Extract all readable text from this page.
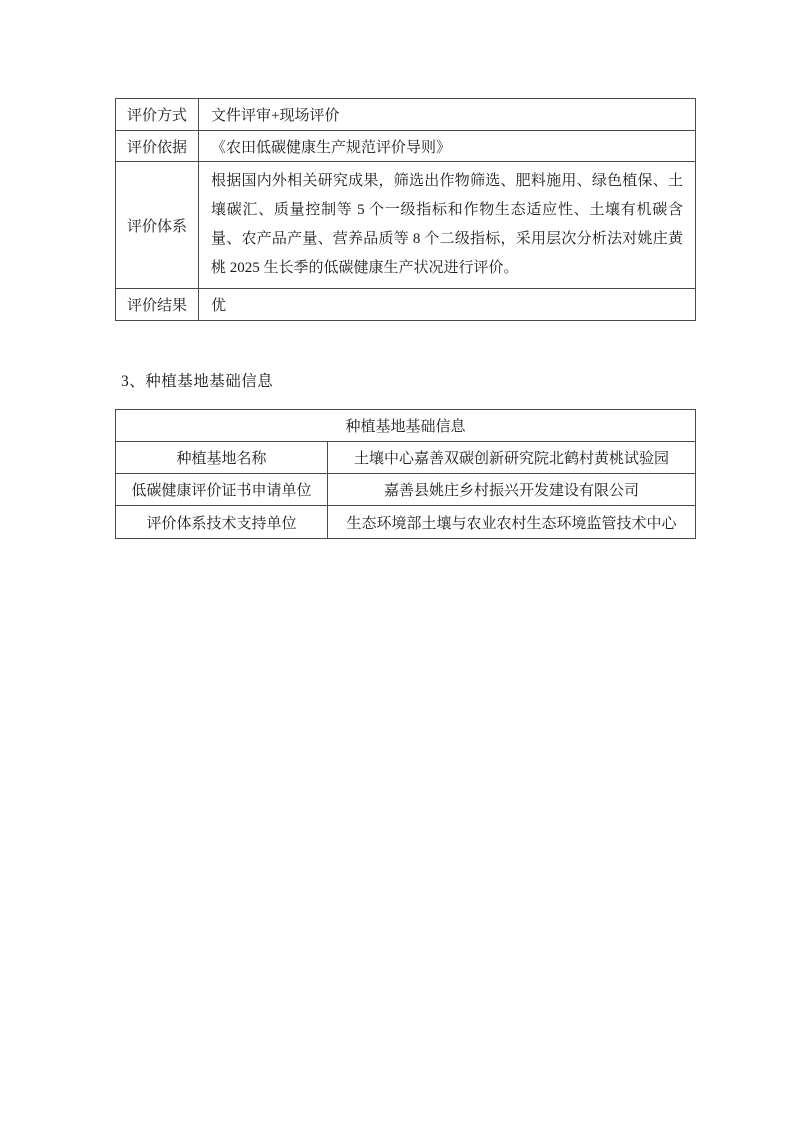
评价方式	文件评审+现场评价
评价依据	《农田低碳健康生产规范评价导则》
评价体系	根据国内外相关研究成果，筛选出作物筛选、肥料施用、绿色植保、土壤碳汇、质量控制等 5 个一级指标和作物生态适应性、土壤有机碳含量、农产品产量、营养品质等 8 个二级指标，采用层次分析法对姚庄黄桃 2025 生长季的低碳健康生产状况进行评价。
评价结果	优
3、种植基地基础信息
种植基地基础信息	
种植基地名称	土壤中心嘉善双碳创新研究院北鹤村黄桃试验园
低碳健康评价证书申请单位	嘉善县姚庄乡村振兴开发建设有限公司
评价体系技术支持单位	生态环境部土壤与农业农村生态环境监管技术中心
